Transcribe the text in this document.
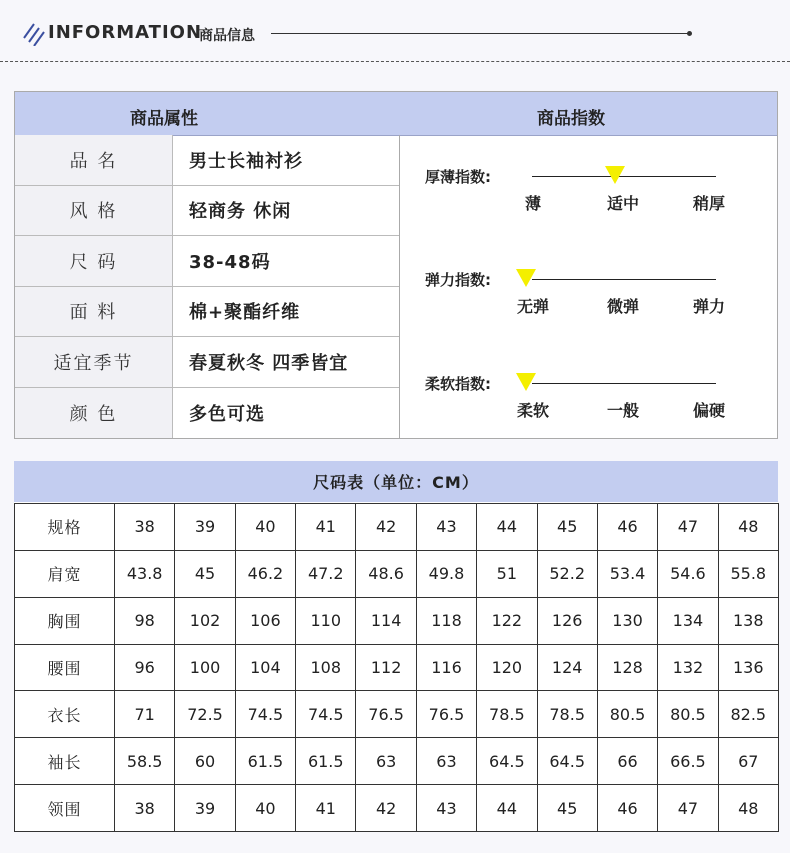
INFORMATION
商品信息
商品属性	商品指数
品 名	男士长袖衬衫
风 格	轻商务 休闲
尺 码	38-48码
面 料	棉+聚酯纤维
适宜季节	春夏秋冬 四季皆宜
颜 色	多色可选
厚薄指数:
薄	适中	稍厚
弹力指数:
无弹	微弹	弹力
柔软指数:
柔软	一般	偏硬
尺码表（单位：CM）
规格	38	39	40	41	42	43	44	45	46	47	48
肩宽	43.8	45	46.2	47.2	48.6	49.8	51	52.2	53.4	54.6	55.8
胸围	98	102	106	110	114	118	122	126	130	134	138
腰围	96	100	104	108	112	116	120	124	128	132	136
衣长	71	72.5	74.5	74.5	76.5	76.5	78.5	78.5	80.5	80.5	82.5
袖长	58.5	60	61.5	61.5	63	63	64.5	64.5	66	66.5	67
领围	38	39	40	41	42	43	44	45	46	47	48
